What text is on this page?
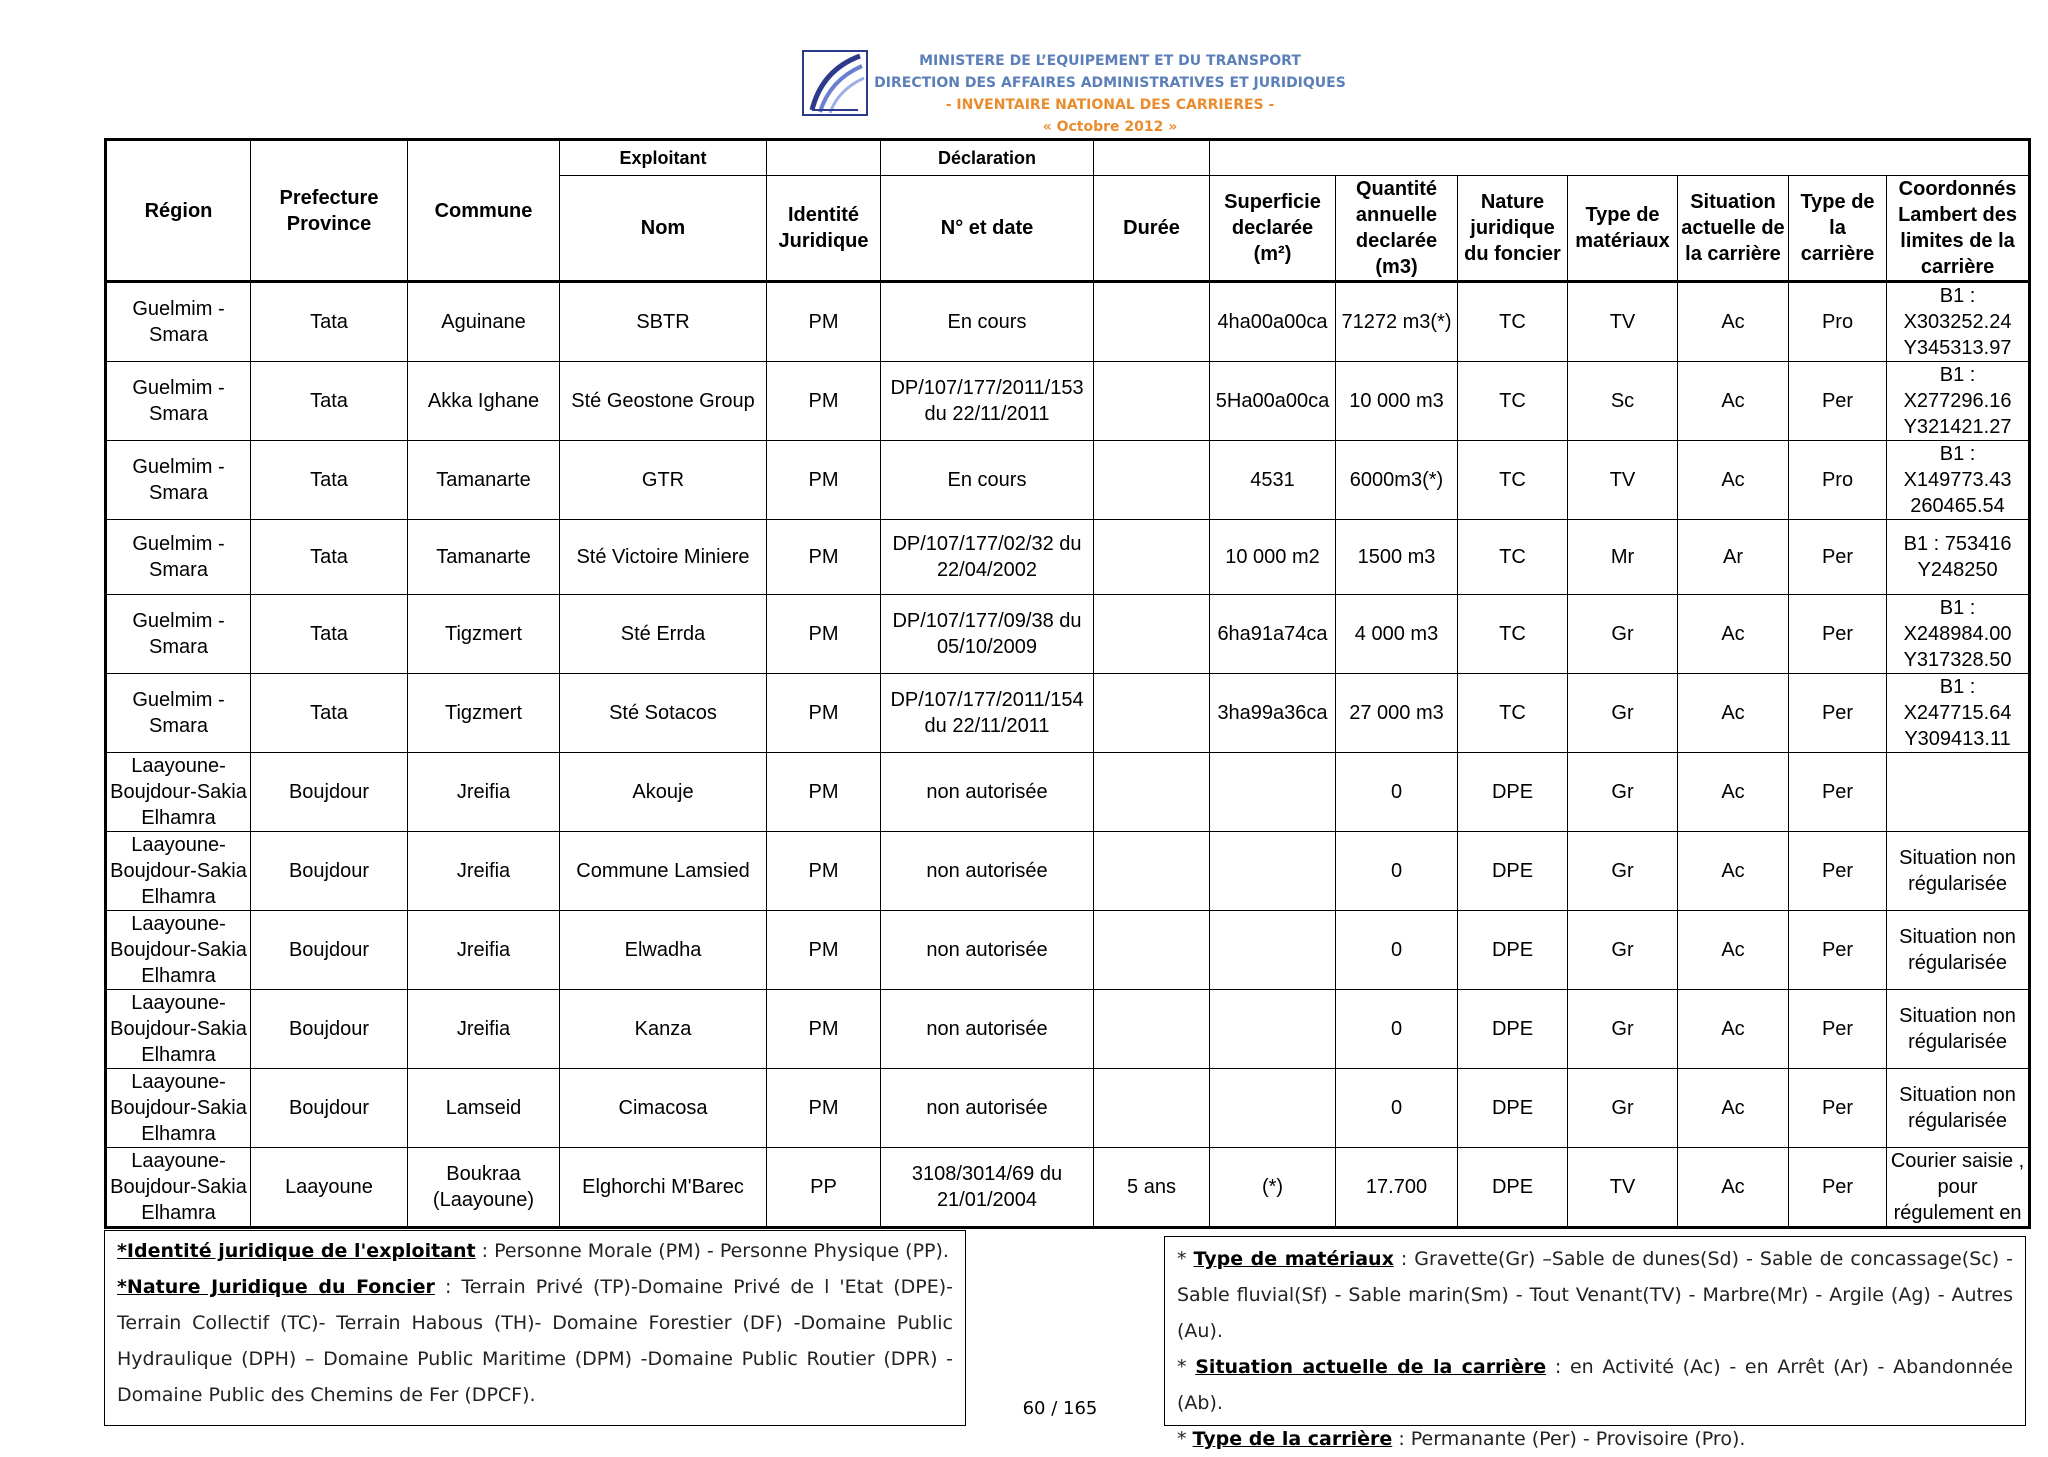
MINISTERE DE L’EQUIPEMENT ET DU TRANSPORT
DIRECTION DES AFFAIRES ADMINISTRATIVES ET JURIDIQUES
- INVENTAIRE NATIONAL DES CARRIERES -
« Octobre 2012 »
Région	Prefecture Province	Commune	Exploitant		Déclaration								
			Nom	Identité Juridique	N° et date	Durée	Superficie declarée (m²)	Quantité annuelle declarée (m3)	Nature juridique du foncier	Type de matériaux	Situation actuelle de la carrière	Type de la carrière	Coordonnés Lambert des limites de la carrière
Guelmim - Smara	Tata	Aguinane	SBTR	PM	En cours		4ha00a00ca	71272 m3(*)	TC	TV	Ac	Pro	B1 : X303252.24 Y345313.97
Guelmim - Smara	Tata	Akka Ighane	Sté Geostone Group	PM	DP/107/177/2011/153 du 22/11/2011		5Ha00a00ca	10 000 m3	TC	Sc	Ac	Per	B1 : X277296.16 Y321421.27
Guelmim - Smara	Tata	Tamanarte	GTR	PM	En cours		4531	6000m3(*)	TC	TV	Ac	Pro	B1 : X149773.43 260465.54
Guelmim - Smara	Tata	Tamanarte	Sté Victoire Miniere	PM	DP/107/177/02/32 du 22/04/2002		10 000 m2	1500 m3	TC	Mr	Ar	Per	B1 : 753416 Y248250
Guelmim - Smara	Tata	Tigzmert	Sté Errda	PM	DP/107/177/09/38 du 05/10/2009		6ha91a74ca	4 000 m3	TC	Gr	Ac	Per	B1 : X248984.00 Y317328.50
Guelmim - Smara	Tata	Tigzmert	Sté Sotacos	PM	DP/107/177/2011/154 du 22/11/2011		3ha99a36ca	27 000 m3	TC	Gr	Ac	Per	B1 : X247715.64 Y309413.11
Laayoune-Boujdour-Sakia Elhamra	Boujdour	Jreifia	Akouje	PM	non autorisée			0	DPE	Gr	Ac	Per	
Laayoune-Boujdour-Sakia Elhamra	Boujdour	Jreifia	Commune Lamsied	PM	non autorisée			0	DPE	Gr	Ac	Per	Situation non régularisée
Laayoune-Boujdour-Sakia Elhamra	Boujdour	Jreifia	Elwadha	PM	non autorisée			0	DPE	Gr	Ac	Per	Situation non régularisée
Laayoune-Boujdour-Sakia Elhamra	Boujdour	Jreifia	Kanza	PM	non autorisée			0	DPE	Gr	Ac	Per	Situation non régularisée
Laayoune-Boujdour-Sakia Elhamra	Boujdour	Lamseid	Cimacosa	PM	non autorisée			0	DPE	Gr	Ac	Per	Situation non régularisée
Laayoune-Boujdour-Sakia Elhamra	Laayoune	Boukraa (Laayoune)	Elghorchi M'Barec	PP	3108/3014/69 du 21/01/2004	5 ans	(*)	17.700	DPE	TV	Ac	Per	Courier saisie , pour régulement en

*Identité juridique de l'exploitant : Personne Morale (PM) - Personne Physique (PP).

*Nature Juridique du Foncier : Terrain Privé (TP)-Domaine Privé de l 'Etat (DPE)- Terrain Collectif (TC)- Terrain Habous (TH)- Domaine Forestier (DF) -Domaine Public Hydraulique (DPH) – Domaine Public Maritime (DPM) -Domaine Public Routier (DPR) - Domaine Public des Chemins de Fer (DPCF).

* Type de matériaux : Gravette(Gr) –Sable de dunes(Sd) - Sable de concassage(Sc) - Sable fluvial(Sf) - Sable marin(Sm) - Tout Venant(TV) - Marbre(Mr) - Argile (Ag) - Autres (Au).

* Situation actuelle de la carrière : en Activité (Ac) - en Arrêt (Ar) - Abandonnée (Ab).

* Type de la carrière : Permanante (Per) - Provisoire (Pro).

60 / 165
